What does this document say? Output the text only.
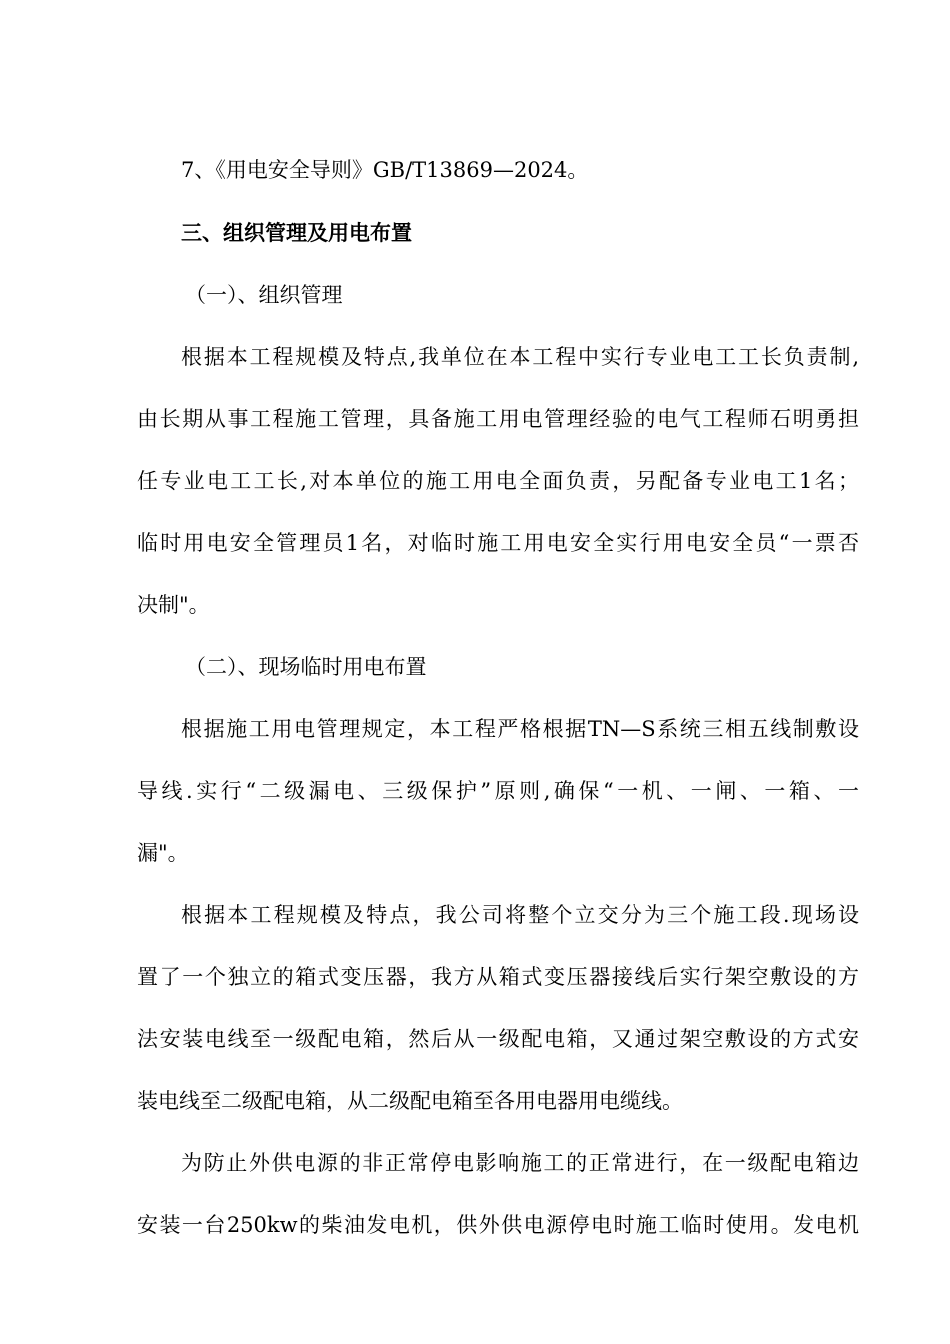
7、《用电安全导则》GB/T13869—2024。
三、组织管理及用电布置
（一）、组织管理
根据本工程规模及特点,我单位在本工程中实行专业电工工长负责制,
由长期从事工程施工管理，具备施工用电管理经验的电气工程师石明勇担
任专业电工工长,对本单位的施工用电全面负责，另配备专业电工1名；
临时用电安全管理员1名，对临时施工用电安全实行用电安全员“一票否
决制"。
（二）、现场临时用电布置
根据施工用电管理规定，本工程严格根据TN—S系统三相五线制敷设
导线.实行“二级漏电、三级保护”原则,确保“一机、一闸、一箱、一
漏"。
根据本工程规模及特点，我公司将整个立交分为三个施工段.现场设
置了一个独立的箱式变压器，我方从箱式变压器接线后实行架空敷设的方
法安装电线至一级配电箱，然后从一级配电箱，又通过架空敷设的方式安
装电线至二级配电箱，从二级配电箱至各用电器用电缆线。
为防止外供电源的非正常停电影响施工的正常进行，在一级配电箱边
安装一台250kw的柴油发电机，供外供电源停电时施工临时使用。发电机
